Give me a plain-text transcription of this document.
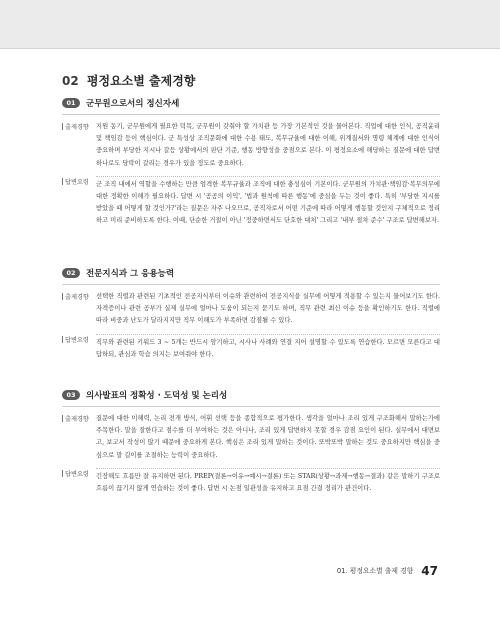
02 평정요소별 출제경향
01	군무원으로서의 정신자세
출제경향	지원 동기, 군무원에게 필요한 덕목, 군무원이 갖춰야 할 가치관 등 가장 기본적인 것을 물어본다. 직업에 대한 인식, 공직윤리 및 책임감 등이 핵심이다. 군 특성상 조직문화에 대한 수용 태도, 복무규율에 대한 이해, 위계질서와 명령 체계에 대한 인식이 중요하며 부당한 지시나 갈등 상황에서의 판단 기준, 행동 방향성을 중점으로 본다. 이 평정요소에 해당하는 질문에 대한 답변 하나로도 당락이 갈리는 경우가 있을 정도로 중요하다.
답변요령	군 조직 내에서 역할을 수행하는 만큼 엄격한 복무규율과 조직에 대한 충성심이 기본이다. 군무원의 가치관·책임감·복무의무에 대한 정확한 이해가 필요하다. 답변 시 '공공의 이익', '법과 원칙에 따른 행동'에 중심을 두는 것이 좋다. 특히 '부당한 지시를 받았을 때 어떻게 할 것인가?'라는 질문은 자주 나오므로, 공직자로서 어떤 기준에 따라 어떻게 행동할 것인지 구체적으로 정리하고 미리 준비하도록 한다. 이때, 단순한 거절이 아닌 '정중하면서도 단호한 대처' 그리고 '내부 절차 준수' 구조로 답변해보자.
02	전문지식과 그 응용능력
출제경향	선택한 직렬과 관련된 기초적인 전공지식부터 이슈와 관련하여 전공지식을 실무에 어떻게 적용할 수 있는지 물어보기도 한다. 자격증이나 관련 공부가 실제 실무에 얼마나 도움이 되는지 묻기도 하며, 직무 관련 최신 이슈 등을 확인하기도 한다. 직렬에 따라 비중과 난도가 달라지지만 직무 이해도가 부족하면 감점될 수 있다.
답변요령	직무와 관련된 키워드 3 ~ 5개는 반드시 암기하고, 시사나 사례와 연결 지어 설명할 수 있도록 연습한다. 모르면 모른다고 대답하되, 관심과 학습 의지는 보여줘야 한다.
03	의사발표의 정확성 · 도덕성 및 논리성
출제경향	질문에 대한 이해력, 논리 전개 방식, 어휘 선택 등을 종합적으로 평가한다. 생각을 얼마나 조리 있게 구조화해서 말하는가에 주목한다. 말을 잘한다고 점수를 더 부여하는 것은 아니나, 조리 있게 답변하지 못할 경우 감점 요인이 된다. 실무에서 대면보고, 보고서 작성이 많기 때문에 중요하게 본다. 핵심은 조리 있게 말하는 것이다. 또박또박 말하는 것도 중요하지만 핵심을 중심으로 말 길이를 조절하는 능력이 중요하다.
답변요령	긴장해도 흐름만 잘 유지하면 된다. PREP(결론→이유→예시→결론) 또는 STAR(상황→과제→행동→결과) 같은 말하기 구조로 흐름이 끊기지 않게 연습하는 것이 좋다. 답변 시 논점 일관성을 유지하고 요점 간결 정리가 관건이다.
01. 평정요소별 출제 경향 47
